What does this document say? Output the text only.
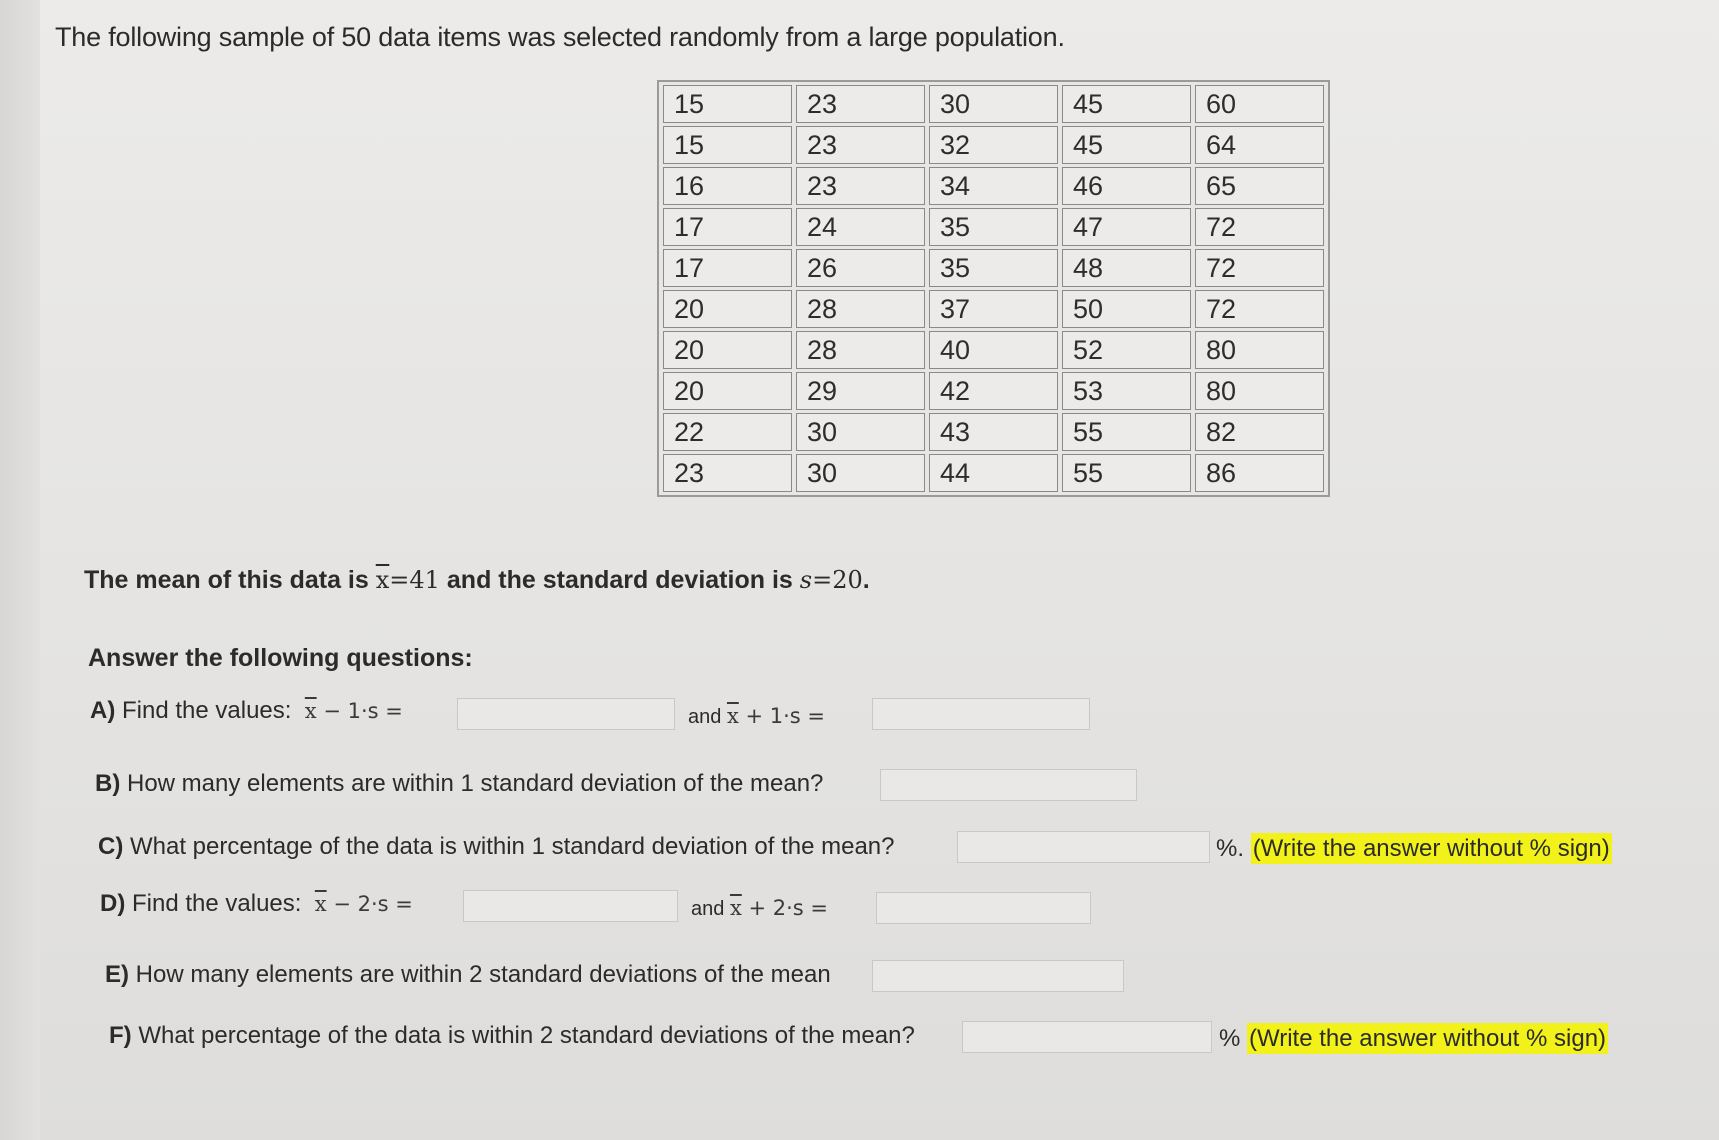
The following sample of 50 data items was selected randomly from a large population.
15	23	30	45	60
15	23	32	45	64
16	23	34	46	65
17	24	35	47	72
17	26	35	48	72
20	28	37	50	72
20	28	40	52	80
20	29	42	53	80
22	30	43	55	82
23	30	44	55	86
The mean of this data is $\overline{x}=41$ and the standard deviation is s=20.
Answer the following questions:
A) Find the values: $\overline{x} - 1\cdot s$ =	and $\overline{x} + 1\cdot s$ =
B) How many elements are within 1 standard deviation of the mean?
C) What percentage of the data is within 1 standard deviation of the mean?	%. (Write the answer without % sign)
D) Find the values: $\overline{x} - 2\cdot s$ =	and $\overline{x} + 2\cdot s$ =
E) How many elements are within 2 standard deviations of the mean
F) What percentage of the data is within 2 standard deviations of the mean?	% (Write the answer without % sign)
